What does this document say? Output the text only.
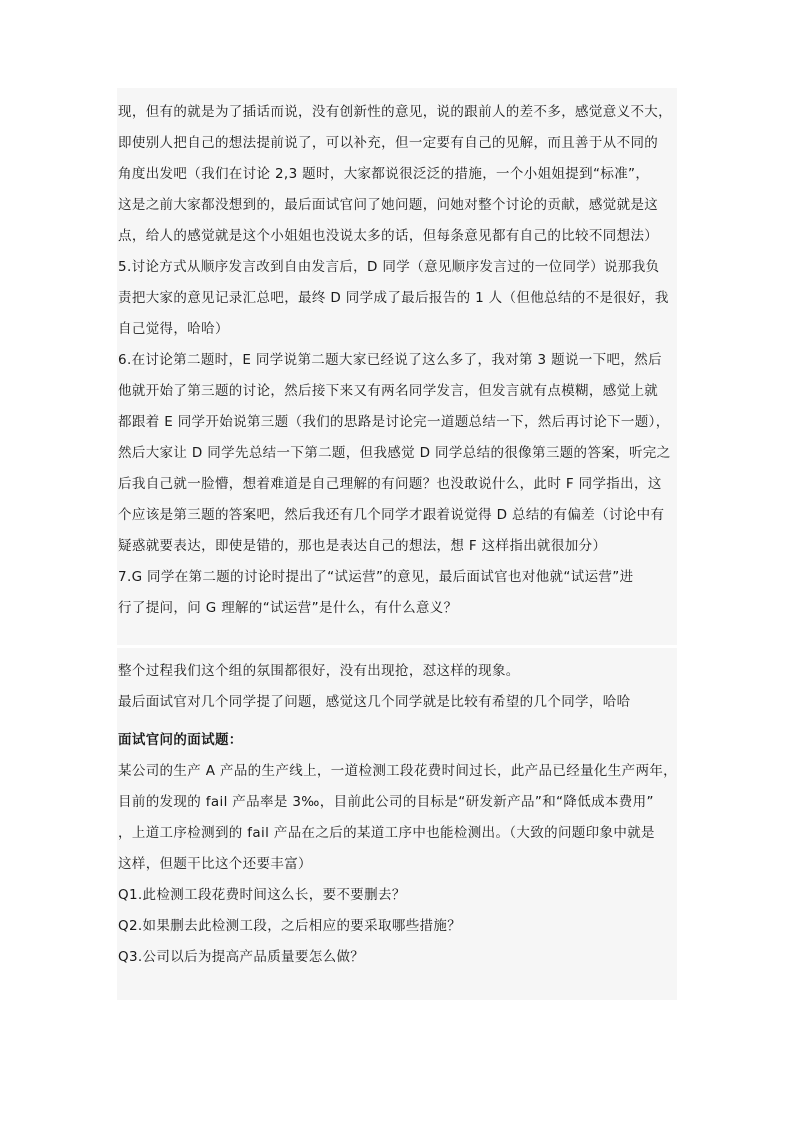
现，但有的就是为了插话而说，没有创新性的意见，说的跟前人的差不多，感觉意义不大，
即使别人把自己的想法提前说了，可以补充，但一定要有自己的见解，而且善于从不同的
角度出发吧（我们在讨论 2,3 题时，大家都说很泛泛的措施，一个小姐姐提到“标准”，
这是之前大家都没想到的，最后面试官问了她问题，问她对整个讨论的贡献，感觉就是这
点，给人的感觉就是这个小姐姐也没说太多的话，但每条意见都有自己的比较不同想法）
5.讨论方式从顺序发言改到自由发言后，D 同学（意见顺序发言过的一位同学）说那我负
责把大家的意见记录汇总吧，最终 D 同学成了最后报告的 1 人（但他总结的不是很好，我
自己觉得，哈哈）
6.在讨论第二题时，E 同学说第二题大家已经说了这么多了，我对第 3 题说一下吧，然后
他就开始了第三题的讨论，然后接下来又有两名同学发言，但发言就有点模糊，感觉上就
都跟着 E 同学开始说第三题（我们的思路是讨论完一道题总结一下，然后再讨论下一题），
然后大家让 D 同学先总结一下第二题，但我感觉 D 同学总结的很像第三题的答案，听完之
后我自己就一脸懵，想着难道是自己理解的有问题？也没敢说什么，此时 F 同学指出，这
个应该是第三题的答案吧，然后我还有几个同学才跟着说觉得 D 总结的有偏差（讨论中有
疑惑就要表达，即使是错的，那也是表达自己的想法，想 F 这样指出就很加分）
7.G 同学在第二题的讨论时提出了“试运营”的意见，最后面试官也对他就“试运营”进
行了提问，问 G 理解的“试运营”是什么，有什么意义？
整个过程我们这个组的氛围都很好，没有出现抢，怼这样的现象。
最后面试官对几个同学提了问题，感觉这几个同学就是比较有希望的几个同学，哈哈
面试官问的面试题：
某公司的生产 A 产品的生产线上，一道检测工段花费时间过长，此产品已经量化生产两年，
目前的发现的 fail 产品率是 3‰，目前此公司的目标是“研发新产品”和“降低成本费用”
，上道工序检测到的 fail 产品在之后的某道工序中也能检测出。（大致的问题印象中就是
这样，但题干比这个还要丰富）
Q1.此检测工段花费时间这么长，要不要删去？
Q2.如果删去此检测工段，之后相应的要采取哪些措施？
Q3.公司以后为提高产品质量要怎么做？
